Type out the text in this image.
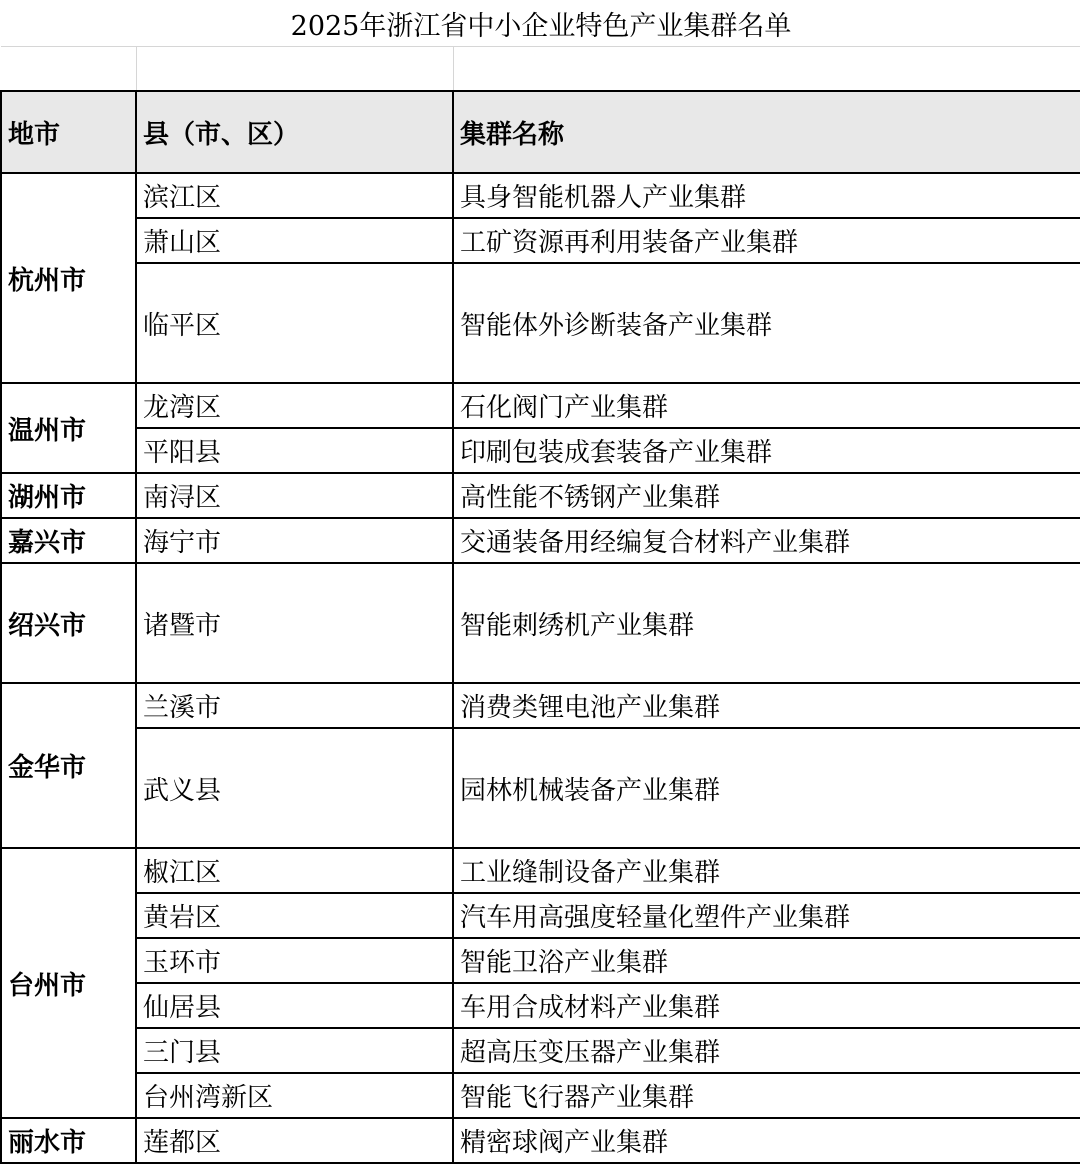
2025年浙江省中小企业特色产业集群名单		

地市	县（市、区）	集群名称
杭州市	滨江区	具身智能机器人产业集群
	萧山区	工矿资源再利用装备产业集群
	临平区	智能体外诊断装备产业集群
温州市	龙湾区	石化阀门产业集群
	平阳县	印刷包装成套装备产业集群
湖州市	南浔区	高性能不锈钢产业集群
嘉兴市	海宁市	交通装备用经编复合材料产业集群
绍兴市	诸暨市	智能刺绣机产业集群
金华市	兰溪市	消费类锂电池产业集群
	武义县	园林机械装备产业集群
台州市	椒江区	工业缝制设备产业集群
	黄岩区	汽车用高强度轻量化塑件产业集群
	玉环市	智能卫浴产业集群
	仙居县	车用合成材料产业集群
	三门县	超高压变压器产业集群
	台州湾新区	智能飞行器产业集群
丽水市	莲都区	精密球阀产业集群
